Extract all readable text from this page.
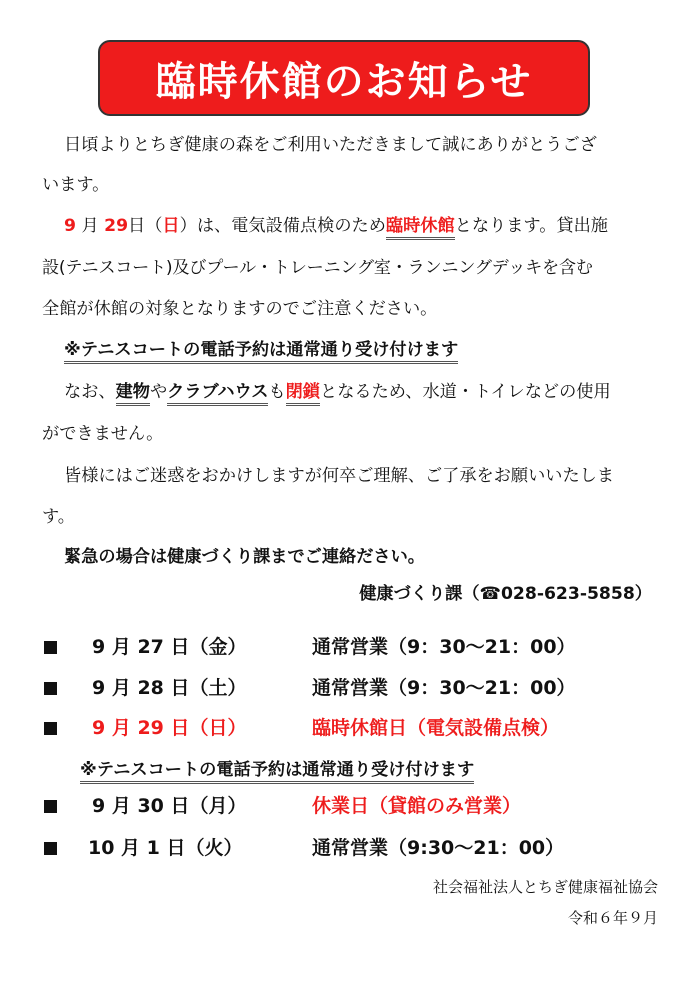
臨時休館のお知らせ
日頃よりとちぎ健康の森をご利用いただきまして誠にありがとうござ
います。
9 月 29日（日）は、電気設備点検のため臨時休館となります。貸出施
設(テニスコート)及びプール・トレーニング室・ランニングデッキを含む
全館が休館の対象となりますのでご注意ください。
※テニスコートの電話予約は通常通り受け付けます
なお、建物やクラブハウスも閉鎖となるため、水道・トイレなどの使用
ができません。
皆様にはご迷惑をおかけしますが何卒ご理解、ご了承をお願いいたしま
す。
緊急の場合は健康づくり課までご連絡ださい。
健康づくり課（☎028-623-5858）
9 月 27 日（金）	通常営業（9：30～21：00）
9 月 28 日（土）	通常営業（9：30～21：00）
9 月 29 日（日）	臨時休館日（電気設備点検）
※テニスコートの電話予約は通常通り受け付けます
9 月 30 日（月）	休業日（貸館のみ営業）
10 月 1 日（火）	通常営業（9:30～21：00）
社会福祉法人とちぎ健康福祉協会
令和６年９月
